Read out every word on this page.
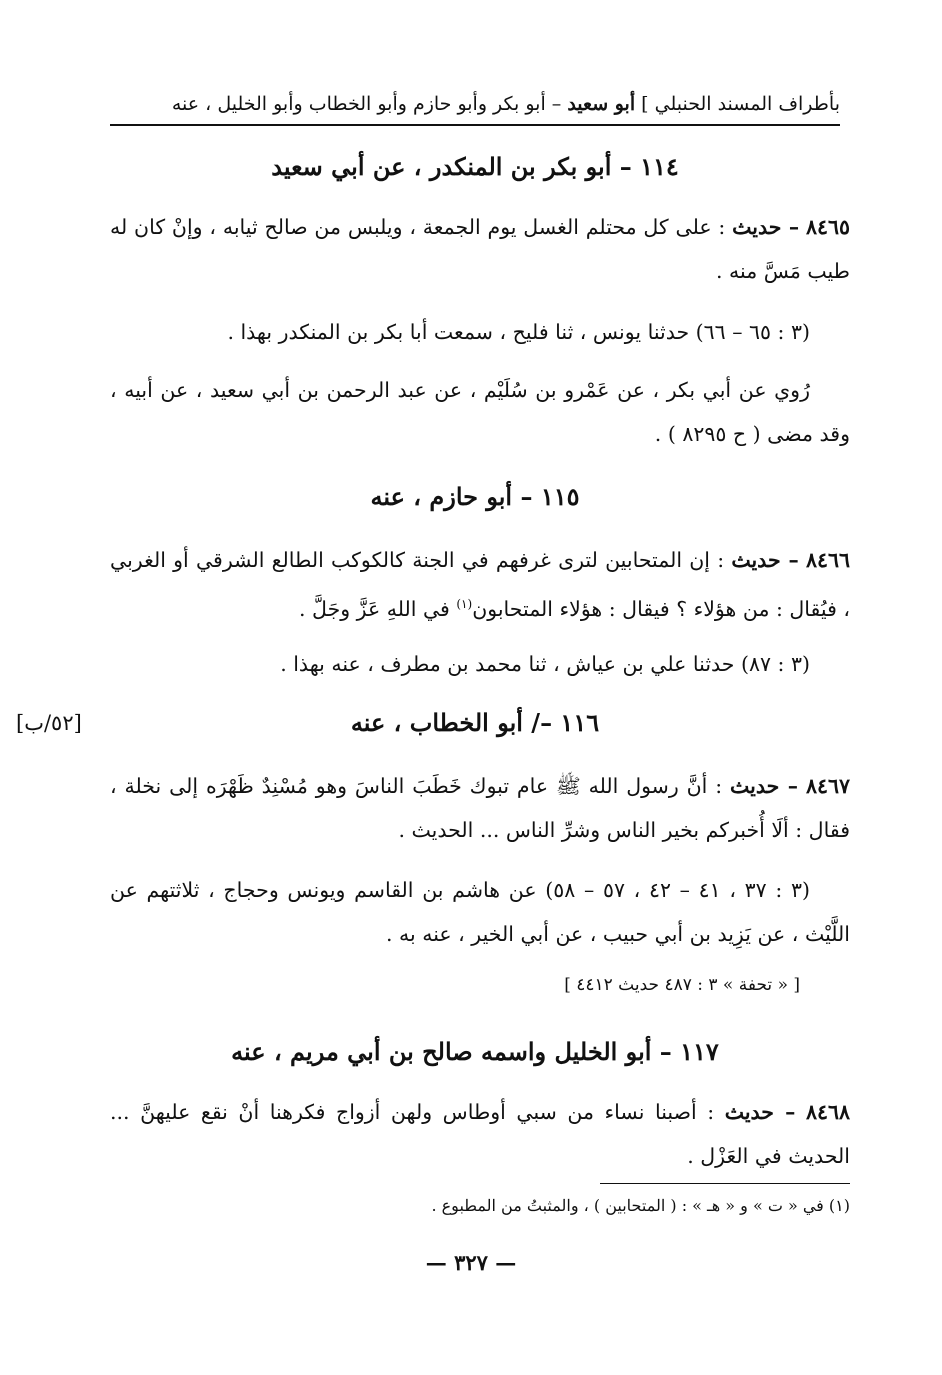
بأطراف المسند الحنبلي ] أبو سعيد – أبو بكر وأبو حازم وأبو الخطاب وأبو الخليل ، عنه
١١٤ – أبو بكر بن المنكدر ، عن أبي سعيد
٨٤٦٥ – حديث : على كل محتلم الغسل يوم الجمعة ، ويلبس من صالح ثيابه ، وإنْ كان له طيب مَسَّ منه .
(٣ : ٦٥ – ٦٦) حدثنا يونس ، ثنا فليح ، سمعت أبا بكر بن المنكدر بهذا .
رُوي عن أبي بكر ، عن عَمْرو بن سُلَيْم ، عن عبد الرحمن بن أبي سعيد ، عن أبيه ، وقد مضى ( ح ٨٢٩٥ ) .
١١٥ – أبو حازم ، عنه
٨٤٦٦ – حديث : إن المتحابين لترى غرفهم في الجنة كالكوكب الطالع الشرقي أو الغربي ، فيُقال : من هؤلاء ؟ فيقال : هؤلاء المتحابون$^{(١)}$ في اللهِ عَزَّ وجَلَّ .
(٣ : ٨٧) حدثنا علي بن عياش ، ثنا محمد بن مطرف ، عنه بهذا .
[٥٢/ب]	١١٦ –/ أبو الخطاب ، عنه
٨٤٦٧ – حديث : أنَّ رسول الله ﷺ عام تبوك خَطَبَ الناسَ وهو مُسْنِدٌ ظَهْرَه إلى نخلة ، فقال : ألَا أُخبركم بخير الناس وشرِّ الناس ... الحديث .
(٣ : ٣٧ ، ٤١ – ٤٢ ، ٥٧ – ٥٨) عن هاشم بن القاسم ويونس وحجاج ، ثلاثتهم عن اللَّيْث ، عن يَزِيد بن أبي حبيب ، عن أبي الخير ، عنه به .
[ « تحفة » ٣ : ٤٨٧ حديث ٤٤١٢ ]
١١٧ – أبو الخليل واسمه صالح بن أبي مريم ، عنه
٨٤٦٨ – حديث : أصبنا نساء من سبي أوطاس ولهن أزواج فكرهنا أنْ نقع عليهنَّ ... الحديث في العَزْل .
(١) في « ت » و « هـ » : ( المتحابين ) ، والمثبتُ من المطبوع .
— ٣٢٧ —
